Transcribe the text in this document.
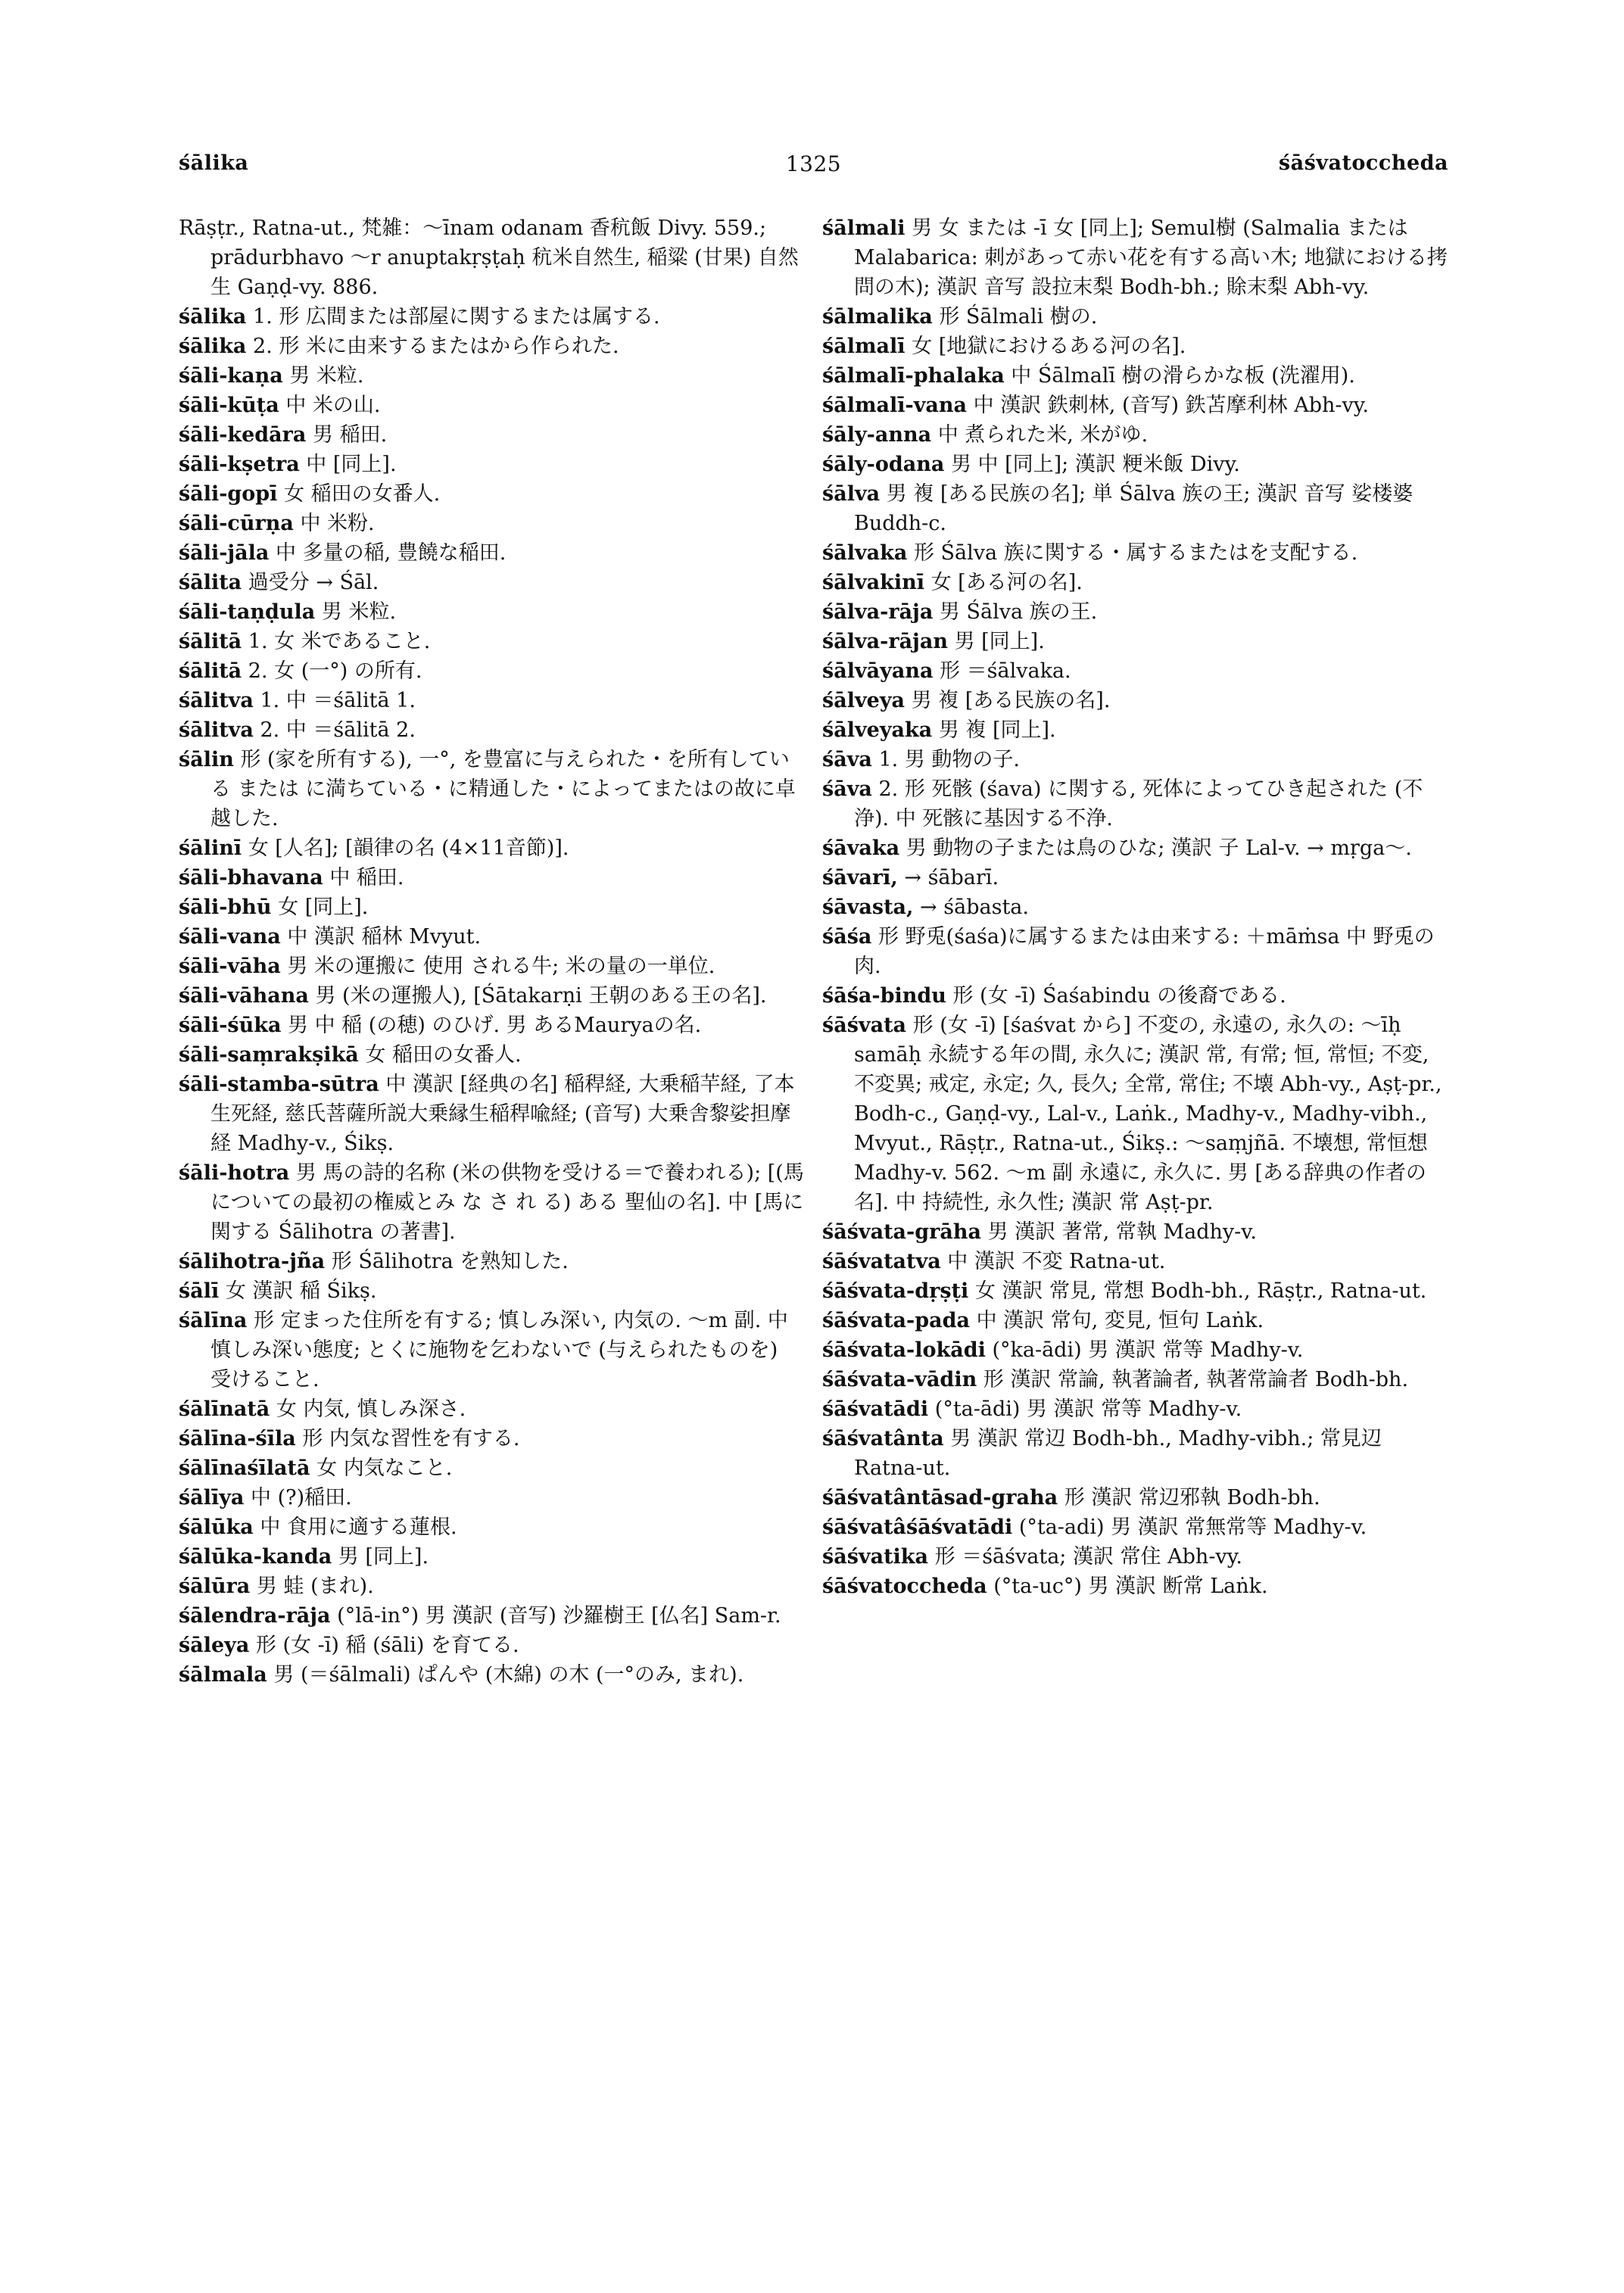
śālika	1325	śāśvatoccheda

Rāṣṭr., Ratna-ut., 梵雑：～īnam odanam 香秔飯 Divy. 559.; prādurbhavo ～r anuptakṛṣṭaḥ 秔米自然生, 稲粱 (甘果) 自然生 Gaṇḍ-vy. 886.

śālika 1. 形 広間または部屋に関するまたは属する.

śālika 2. 形 米に由来するまたはから作られた.

śāli-kaṇa 男 米粒.

śāli-kūṭa 中 米の山.

śāli-kedāra 男 稲田.

śāli-kṣetra 中 [同上].

śāli-gopī 女 稲田の女番人.

śāli-cūrṇa 中 米粉.

śāli-jāla 中 多量の稲, 豊饒な稲田.

śālita 過受分 → Śāl.

śāli-taṇḍula 男 米粒.

śālitā 1. 女 米であること.

śālitā 2. 女 (一°) の所有.

śālitva 1. 中 ＝śālitā 1.

śālitva 2. 中 ＝śālitā 2.

śālin 形 (家を所有する), 一°, を豊富に与えられた・を所有している または に満ちている・に精通した・によってまたはの故に卓越した.

śālinī 女 [人名]; [韻律の名 (4×11音節)].

śāli-bhavana 中 稲田.

śāli-bhū 女 [同上].

śāli-vana 中 漢訳 稲林 Mvyut.

śāli-vāha 男 米の運搬に 使用 される牛; 米の量の一単位.

śāli-vāhana 男 (米の運搬人), [Śātakarṇi 王朝のある王の名].

śāli-śūka 男 中 稲 (の穂) のひげ. 男 あるMauryaの名.

śāli-saṃrakṣikā 女 稲田の女番人.

śāli-stamba-sūtra 中 漢訳 [経典の名] 稲稈経, 大乗稲芉経, 了本生死経, 慈氏菩薩所説大乗縁生稲稈喩経; (音写) 大乗舎黎娑担摩経 Madhy-v., Śikṣ.

śāli-hotra 男 馬の詩的名称 (米の供物を受ける＝で養われる); [(馬についての最初の権威とみ な さ れ る) ある 聖仙の名]. 中 [馬に関する Śālihotra の著書].

śālihotra-jña 形 Śālihotra を熟知した.

śālī 女 漢訳 稲 Śikṣ.

śālīna 形 定まった住所を有する; 慎しみ深い, 内気の. ～m 副. 中 慎しみ深い態度; とくに施物を乞わないで (与えられたものを) 受けること.

śālīnatā 女 内気, 慎しみ深さ.

śālīna-śīla 形 内気な習性を有する.

śālīnaśīlatā 女 内気なこと.

śālīya 中 (?)稲田.

śālūka 中 食用に適する蓮根.

śālūka-kanda 男 [同上].

śālūra 男 蛙 (まれ).

śālendra-rāja (°lā-in°) 男 漢訳 (音写) 沙羅樹王 [仏名] Sam-r.

śāleya 形 (女 -ī) 稲 (śāli) を育てる.

śālmala 男 (＝śālmali) ぱんや (木綿) の木 (一°のみ, まれ).

śālmali 男 女 または -ī 女 [同上]; Semul樹 (Salmalia または Malabarica: 刺があって赤い花を有する高い木; 地獄における拷問の木); 漢訳 音写 設拉末梨 Bodh-bh.; 賖末梨 Abh-vy.

śālmalika 形 Śālmali 樹の.

śālmalī 女 [地獄におけるある河の名].

śālmalī-phalaka 中 Śālmalī 樹の滑らかな板 (洗濯用).

śālmalī-vana 中 漢訳 鉄刺林, (音写) 鉄苫摩利林 Abh-vy.

śāly-anna 中 煮られた米, 米がゆ.

śāly-odana 男 中 [同上]; 漢訳 粳米飯 Divy.

śālva 男 複 [ある民族の名]; 単 Śālva 族の王; 漢訳 音写 娑楼婆 Buddh-c.

śālvaka 形 Śālva 族に関する・属するまたはを支配する.

śālvakinī 女 [ある河の名].

śālva-rāja 男 Śālva 族の王.

śālva-rājan 男 [同上].

śālvāyana 形 ＝śālvaka.

śālveya 男 複 [ある民族の名].

śālveyaka 男 複 [同上].

śāva 1. 男 動物の子.

śāva 2. 形 死骸 (śava) に関する, 死体によってひき起された (不浄). 中 死骸に基因する不浄.

śāvaka 男 動物の子または鳥のひな; 漢訳 子 Lal-v. → mṛga～.

śāvarī, → śābarī.

śāvasta, → śābasta.

śāśa 形 野兎(śaśa)に属するまたは由来する: ＋māṁsa 中 野兎の肉.

śāśa-bindu 形 (女 -ī) Śaśabindu の後裔である.

śāśvata 形 (女 -ī) [śaśvat から] 不変の, 永遠の, 永久の: ～īḥ samāḥ 永続する年の間, 永久に; 漢訳 常, 有常; 恒, 常恒; 不変, 不変異; 戒定, 永定; 久, 長久; 全常, 常住; 不壊 Abh-vy., Aṣṭ-pr., Bodh-c., Gaṇḍ-vy., Lal-v., Laṅk., Madhy-v., Madhy-vibh., Mvyut., Rāṣṭr., Ratna-ut., Śikṣ.: ～saṃjñā. 不壊想, 常恒想 Madhy-v. 562. ～m 副 永遠に, 永久に. 男 [ある辞典の作者の名]. 中 持続性, 永久性; 漢訳 常 Aṣṭ-pr.

śāśvata-grāha 男 漢訳 著常, 常執 Madhy-v.

śāśvatatva 中 漢訳 不変 Ratna-ut.

śāśvata-dṛṣṭi 女 漢訳 常見, 常想 Bodh-bh., Rāṣṭr., Ratna-ut.

śāśvata-pada 中 漢訳 常句, 変見, 恒句 Laṅk.

śāśvata-lokādi (°ka-ādi) 男 漢訳 常等 Madhy-v.

śāśvata-vādin 形 漢訳 常論, 執著論者, 執著常論者 Bodh-bh.

śāśvatādi (°ta-ādi) 男 漢訳 常等 Madhy-v.

śāśvatânta 男 漢訳 常辺 Bodh-bh., Madhy-vibh.; 常見辺 Ratna-ut.

śāśvatântāsad-graha 形 漢訳 常辺邪執 Bodh-bh.

śāśvatâśāśvatādi (°ta-adi) 男 漢訳 常無常等 Madhy-v.

śāśvatika 形 ＝śāśvata; 漢訳 常住 Abh-vy.

śāśvatoccheda (°ta-uc°) 男 漢訳 断常 Laṅk.
